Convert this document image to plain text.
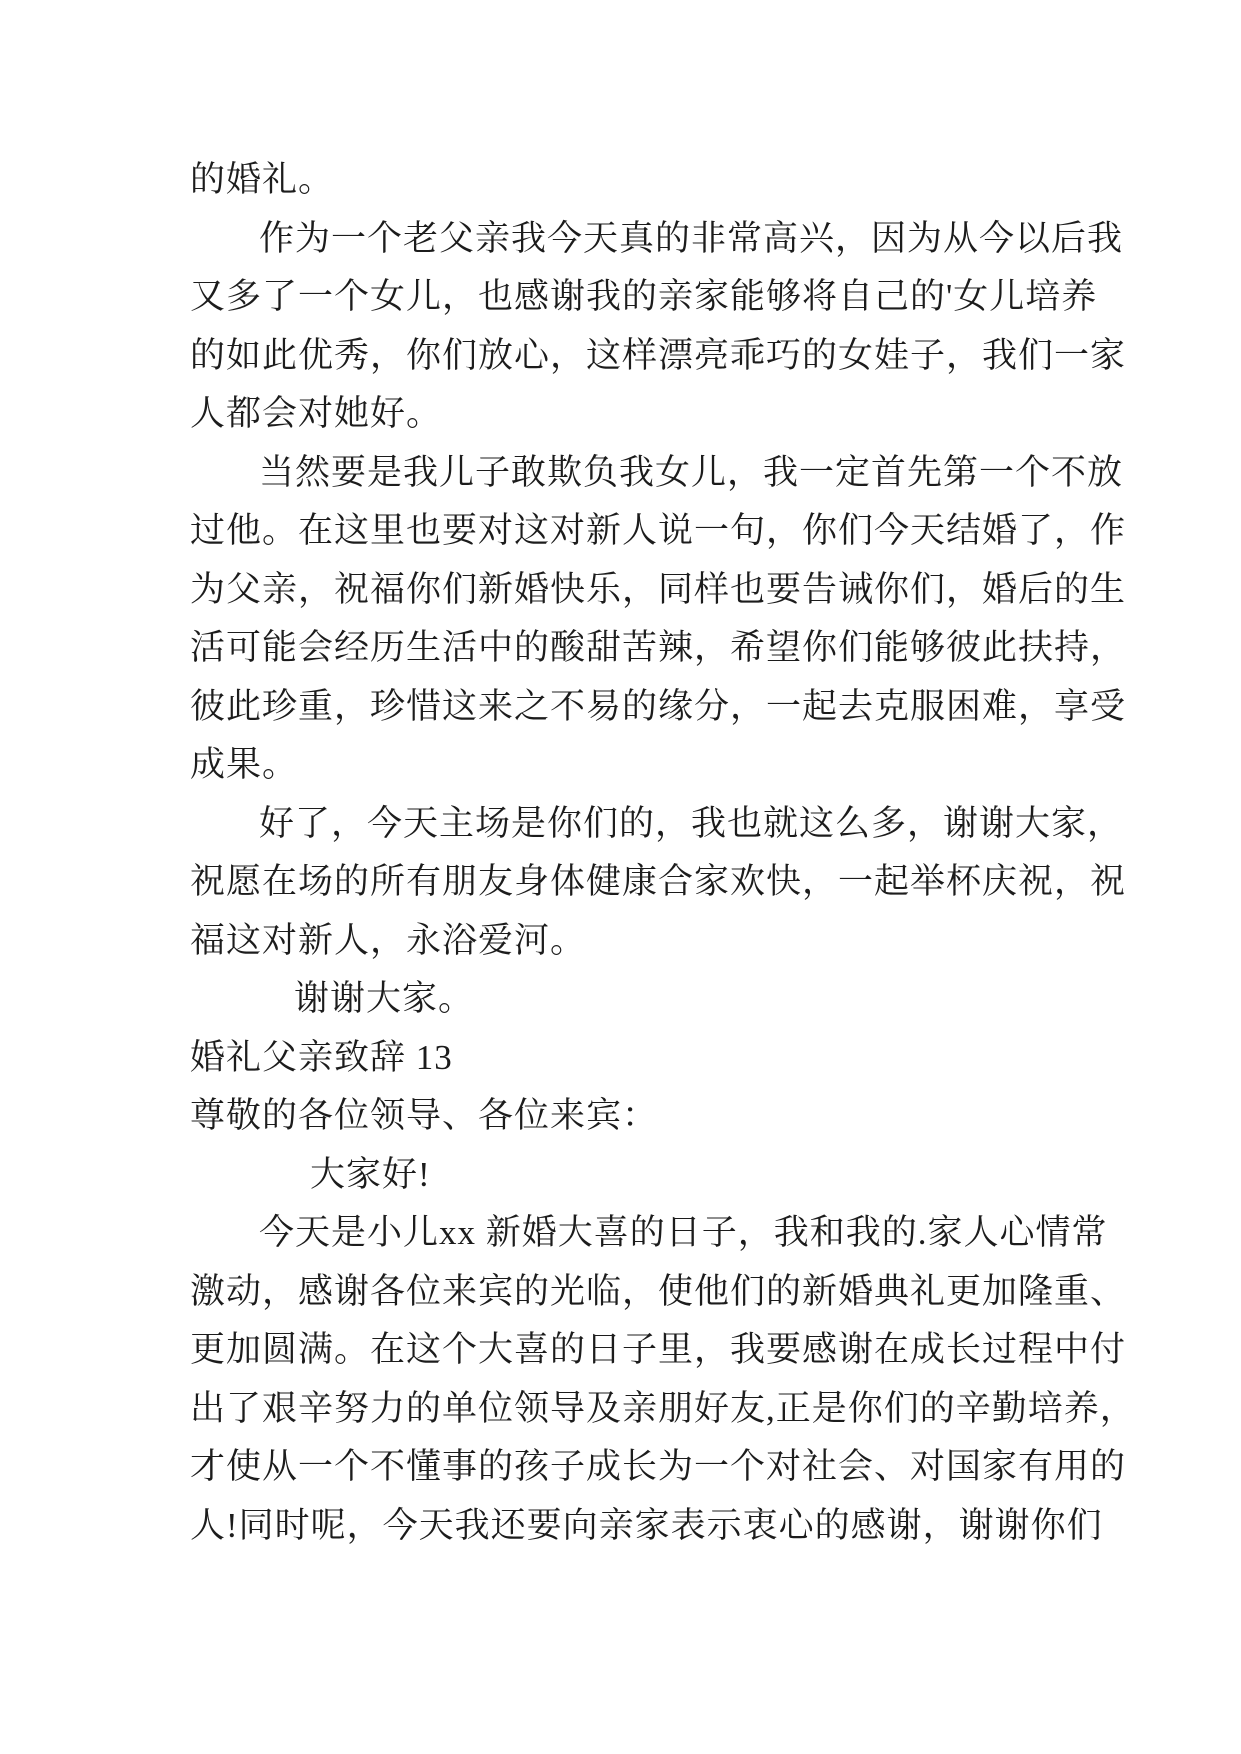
的婚礼。
作为一个老父亲我今天真的非常高兴，因为从今以后我
又多了一个女儿，也感谢我的亲家能够将自己的'女儿培养
的如此优秀，你们放心，这样漂亮乖巧的女娃子，我们一家
人都会对她好。
当然要是我儿子敢欺负我女儿，我一定首先第一个不放
过他。在这里也要对这对新人说一句，你们今天结婚了，作
为父亲，祝福你们新婚快乐，同样也要告诫你们，婚后的生
活可能会经历生活中的酸甜苦辣，希望你们能够彼此扶持，
彼此珍重，珍惜这来之不易的缘分，一起去克服困难，享受
成果。
好了，今天主场是你们的，我也就这么多，谢谢大家，
祝愿在场的所有朋友身体健康合家欢快，一起举杯庆祝，祝
福这对新人，永浴爱河。
谢谢大家。
婚礼父亲致辞 13
尊敬的各位领导、各位来宾：
大家好!
今天是小儿xx 新婚大喜的日子，我和我的.家人心情常
激动，感谢各位来宾的光临，使他们的新婚典礼更加隆重、
更加圆满。在这个大喜的日子里，我要感谢在成长过程中付
出了艰辛努力的单位领导及亲朋好友,正是你们的辛勤培养，
才使从一个不懂事的孩子成长为一个对社会、对国家有用的
人!同时呢，今天我还要向亲家表示衷心的感谢，谢谢你们
